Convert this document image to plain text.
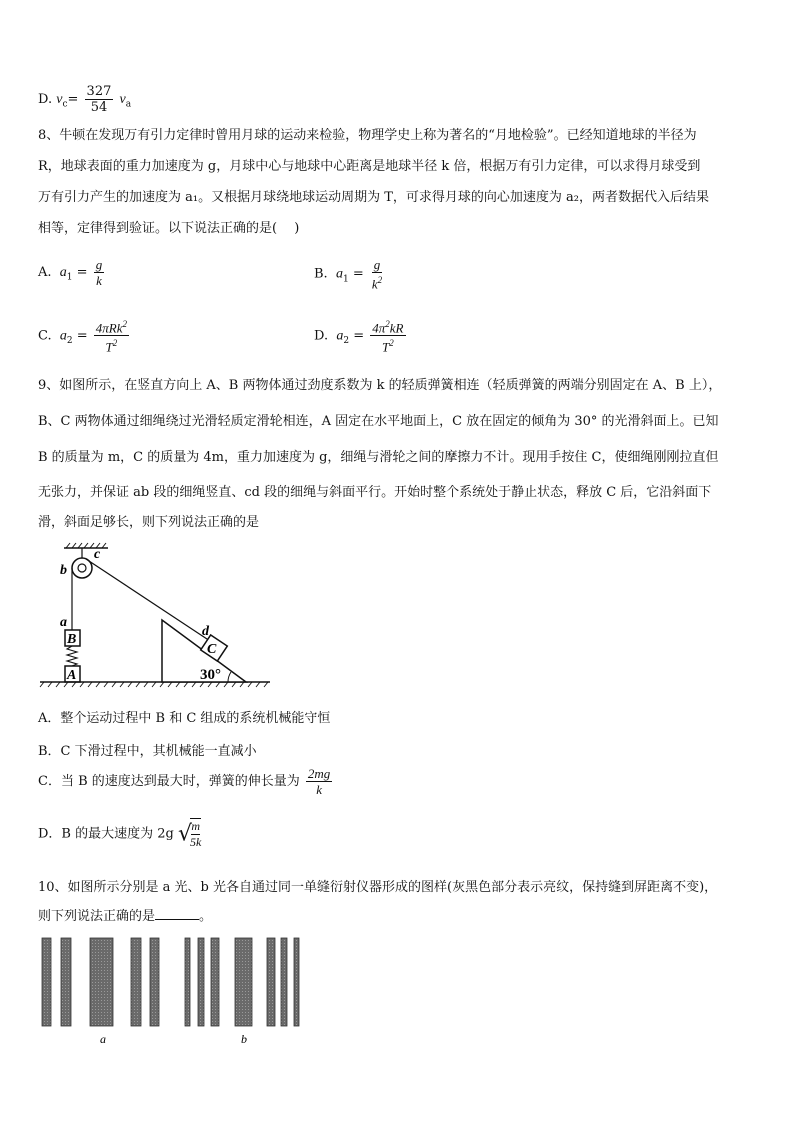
D. $v_c= \frac{327}{54} v_a$
8、牛顿在发现万有引力定律时曾用月球的运动来检验，物理学史上称为著名的“月地检验”。已经知道地球的半径为
R，地球表面的重力加速度为 g，月球中心与地球中心距离是地球半径 k 倍，根据万有引力定律，可以求得月球受到
万有引力产生的加速度为 a₁。又根据月球绕地球运动周期为 T，可求得月球的向心加速度为 a₂，两者数据代入后结果
相等，定律得到验证。以下说法正确的是(　 )
A. $a_1 = \frac{g}{k}$	B. $a_1 = \frac{g}{k^2}$
C. $a_2 = \frac{4\pi Rk^2}{T^2}$	D. $a_2 = \frac{4\pi^2kR}{T^2}$
9、如图所示，在竖直方向上 A、B 两物体通过劲度系数为 k 的轻质弹簧相连（轻质弹簧的两端分别固定在 A、B 上），
B、C 两物体通过细绳绕过光滑轻质定滑轮相连，A 固定在水平地面上，C 放在固定的倾角为 30° 的光滑斜面上。已知
B 的质量为 m，C 的质量为 4m，重力加速度为 g，细绳与滑轮之间的摩擦力不计。现用手按住 C，使细绳刚刚拉直但
无张力，并保证 ab 段的细绳竖直、cd 段的细绳与斜面平行。开始时整个系统处于静止状态，释放 C 后，它沿斜面下
滑，斜面足够长，则下列说法正确的是
b
c
a
B
A
d
C
30°
A．整个运动过程中 B 和 C 组成的系统机械能守恒
B．C 下滑过程中，其机械能一直减小
C．当 B 的速度达到最大时，弹簧的伸长量为 $\frac{2mg}{k}$
D．B 的最大速度为 2g √
$\frac{m}{5k}$
10、如图所示分别是 a 光、b 光各自通过同一单缝衍射仪器形成的图样(灰黑色部分表示亮纹，保持缝到屏距离不变)，
则下列说法正确的是	。
a	b
